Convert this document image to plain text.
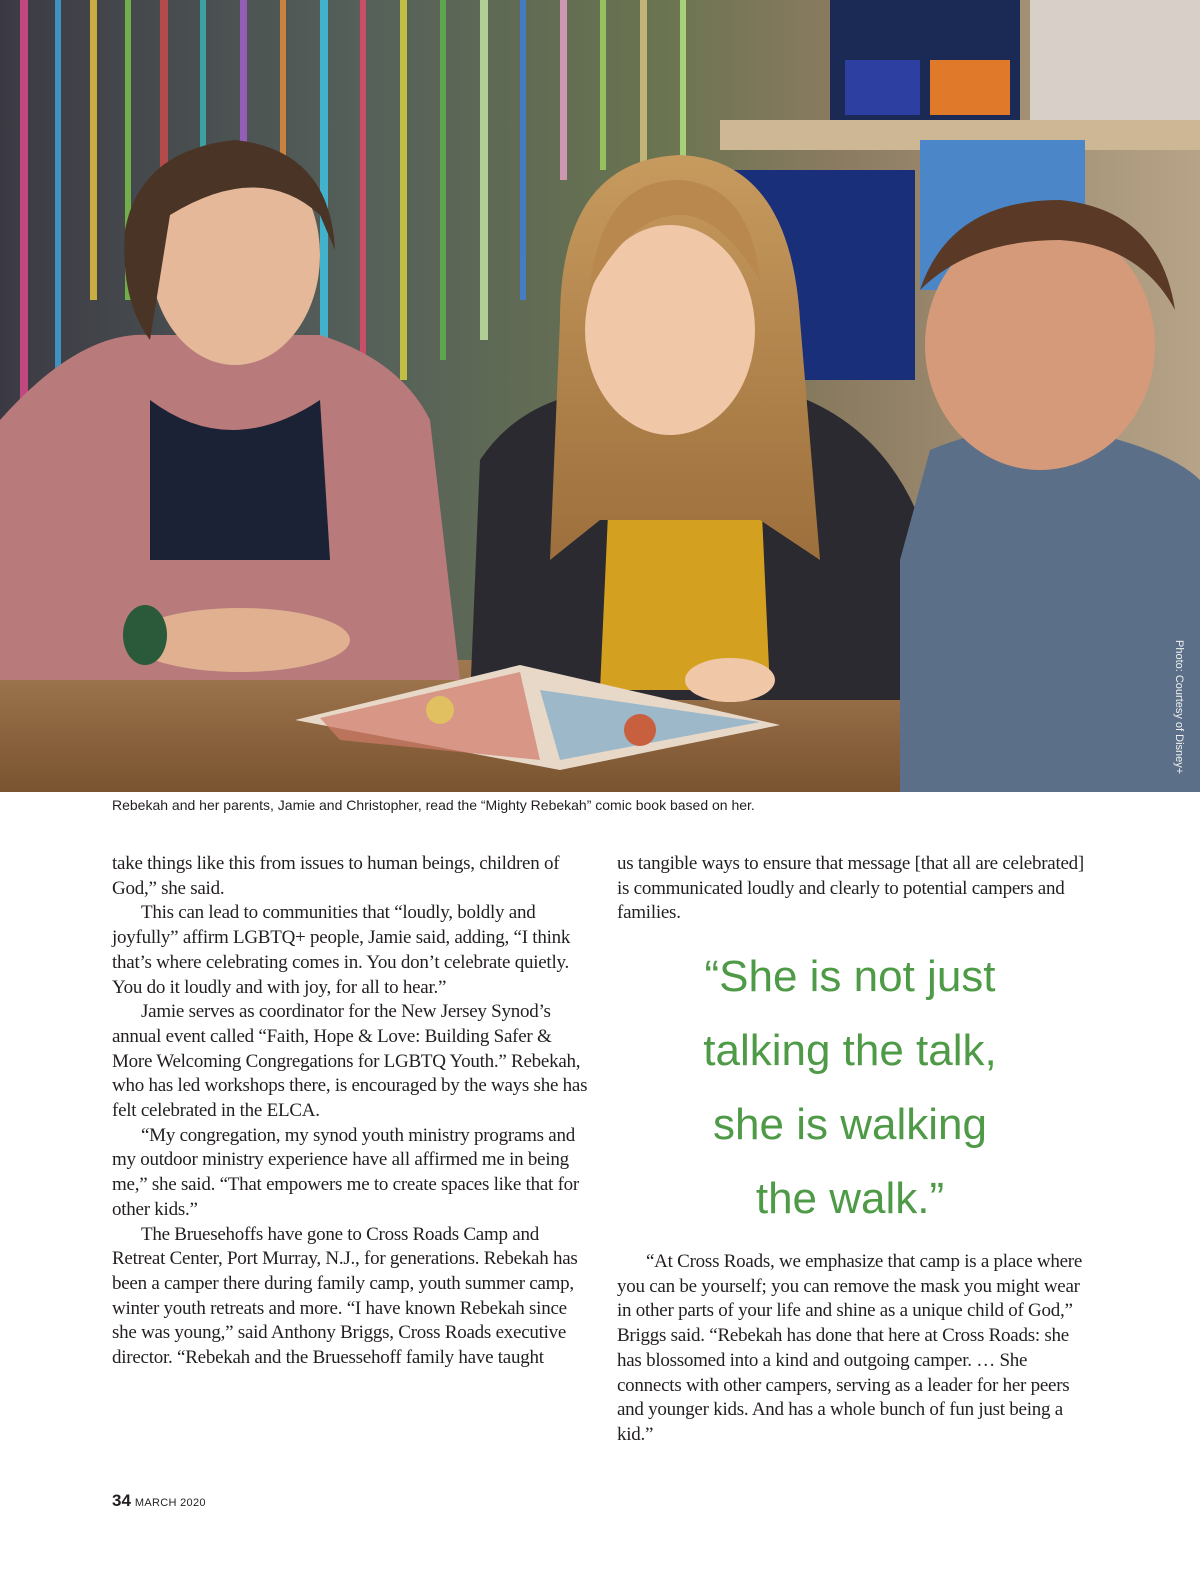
Photo: Courtesy of Disney+
Rebekah and her parents, Jamie and Christopher, read the “Mighty Rebekah” comic book based on her.

take things like this from issues to human beings, children of God,” she said.

This can lead to communities that “loudly, boldly and joyfully” affirm LGBTQ+ people, Jamie said, adding, “I think that’s where celebrating comes in. You don’t celebrate quietly. You do it loudly and with joy, for all to hear.”

Jamie serves as coordinator for the New Jersey Synod’s annual event called “Faith, Hope & Love: Building Safer & More Welcoming Congregations for LGBTQ Youth.” Rebekah, who has led workshops there, is encouraged by the ways she has felt celebrated in the ELCA.

“My congregation, my synod youth ministry programs and my outdoor ministry experience have all affirmed me in being me,” she said. “That empowers me to create spaces like that for other kids.”

The Bruesehoffs have gone to Cross Roads Camp and Retreat Center, Port Murray, N.J., for generations. Rebekah has been a camper there during family camp, youth summer camp, winter youth retreats and more. “I have known Rebekah since she was young,” said Anthony Briggs, Cross Roads executive director. “Rebekah and the Bruessehoff family have taught

us tangible ways to ensure that message [that all are celebrated] is communicated loudly and clearly to potential campers and families.

“She is not just
talking the talk,
she is walking
the walk.”

“At Cross Roads, we emphasize that camp is a place where you can be yourself; you can remove the mask you might wear in other parts of your life and shine as a unique child of God,” Briggs said. “Rebekah has done that here at Cross Roads: she has blossomed into a kind and outgoing camper. … She connects with other campers, serving as a leader for her peers and younger kids. And has a whole bunch of fun just being a kid.”

34 MARCH 2020
